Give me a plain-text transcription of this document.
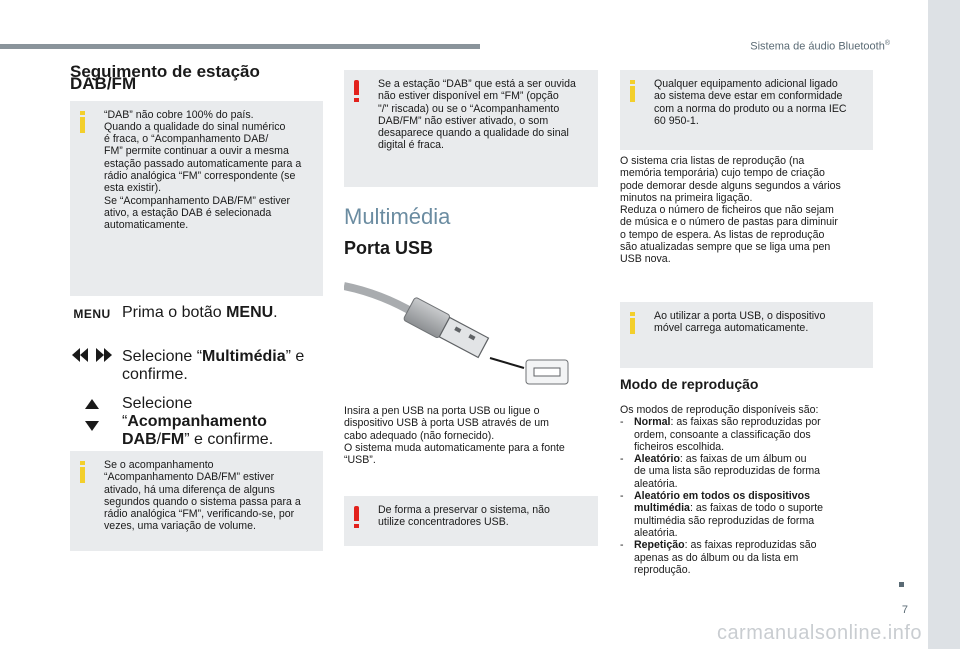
Sistema de áudio Bluetooth®
7
carmanualsonline.info
Seguimento de estação DAB/FM
“DAB” não cobre 100% do país.
Quando a qualidade do sinal numérico
é fraca, o “Acompanhamento DAB/
FM” permite continuar a ouvir a mesma
estação passado automaticamente para a
rádio analógica “FM” correspondente (se
esta existir).
Se “Acompanhamento DAB/FM” estiver
ativo, a estação DAB é selecionada
automaticamente.
MENU Prima o botão MENU.
Selecione “Multimédia” e confirme.
Selecione “Acompanhamento DAB/FM” e confirme.
Se o acompanhamento
“Acompanhamento DAB/FM” estiver
ativado, há uma diferença de alguns
segundos quando o sistema passa para a
rádio analógica “FM”, verificando-se, por
vezes, uma variação de volume.
Se a estação “DAB” que está a ser ouvida
não estiver disponível em “FM” (opção
"/" riscada) ou se o “Acompanhamento
DAB/FM” não estiver ativado, o som
desaparece quando a qualidade do sinal
digital é fraca.
Multimédia
Porta USB
Insira a pen USB na porta USB ou ligue o
dispositivo USB à porta USB através de um
cabo adequado (não fornecido).
O sistema muda automaticamente para a fonte
“USB”.
De forma a preservar o sistema, não
utilize concentradores USB.
Qualquer equipamento adicional ligado
ao sistema deve estar em conformidade
com a norma do produto ou a norma IEC
60 950-1.
O sistema cria listas de reprodução (na
memória temporária) cujo tempo de criação
pode demorar desde alguns segundos a vários
minutos na primeira ligação.
Reduza o número de ficheiros que não sejam
de música e o número de pastas para diminuir
o tempo de espera. As listas de reprodução
são atualizadas sempre que se liga uma pen
USB nova.
Ao utilizar a porta USB, o dispositivo
móvel carrega automaticamente.
Modo de reprodução
Os modos de reprodução disponíveis são:
- Normal: as faixas são reproduzidas por
ordem, consoante a classificação dos
ficheiros escolhida.
- Aleatório: as faixas de um álbum ou
de uma lista são reproduzidas de forma
aleatória.
- Aleatório em todos os dispositivos
multimédia: as faixas de todo o suporte
multimédia são reproduzidas de forma
aleatória.
- Repetição: as faixas reproduzidas são
apenas as do álbum ou da lista em
reprodução.
